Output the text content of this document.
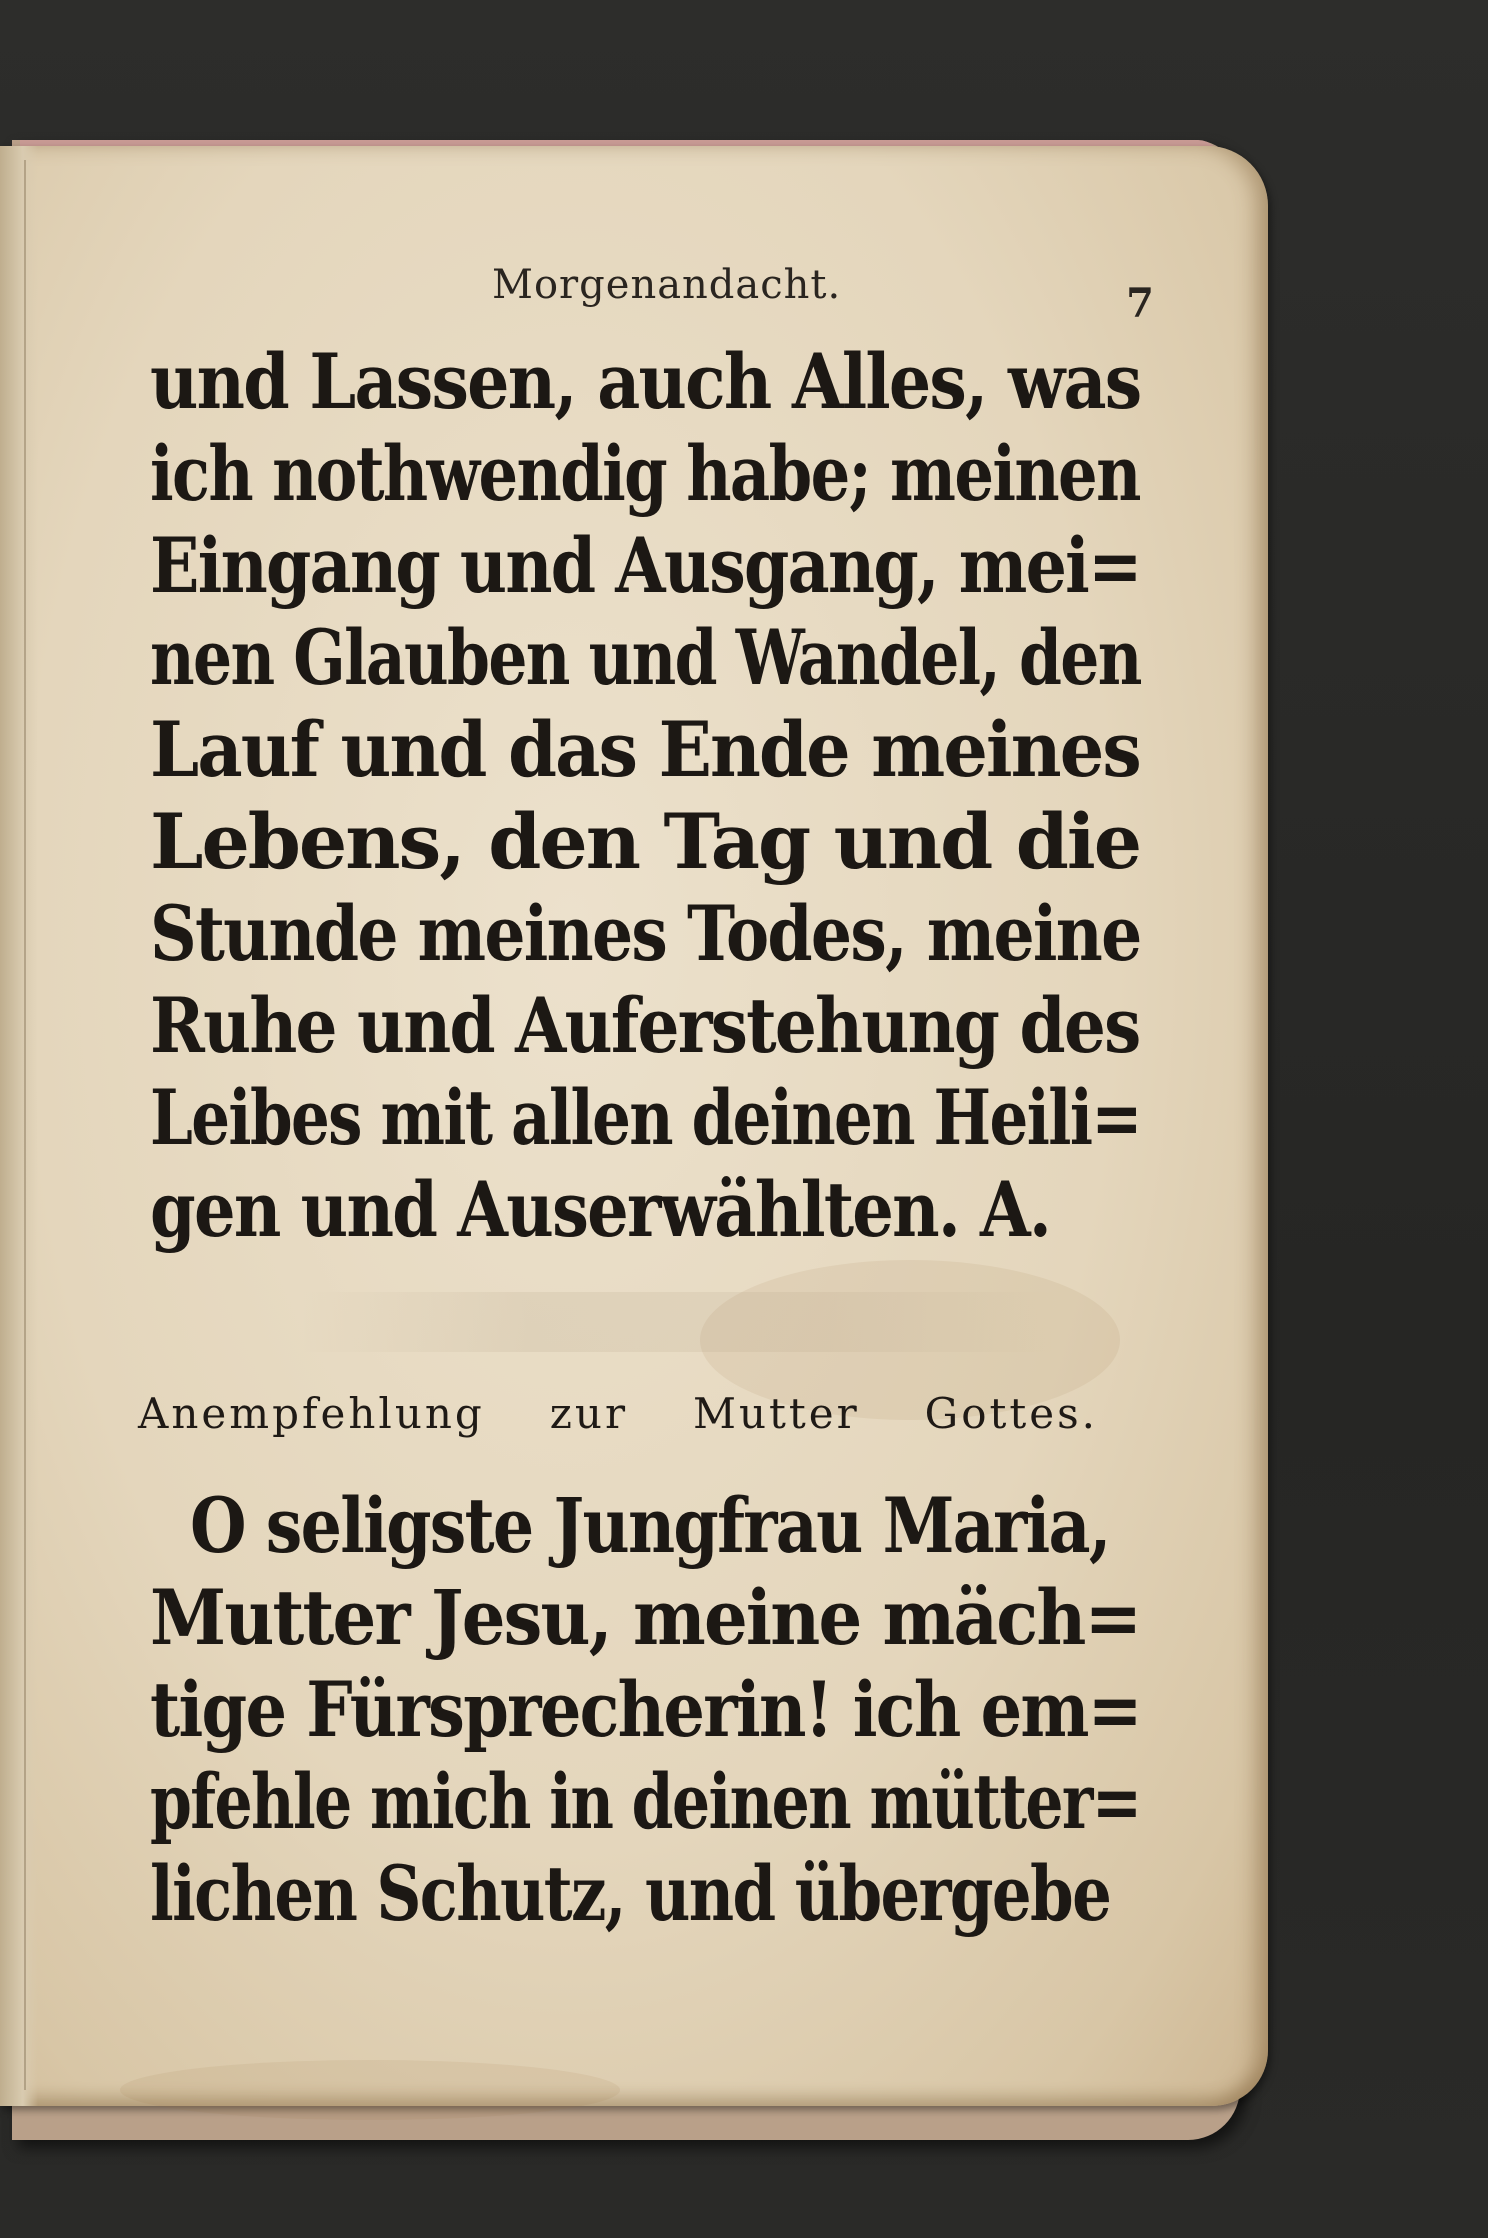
Morgenandacht.	7
und Lassen, auch Alles, was
ich nothwendig habe; meinen
Eingang und Ausgang, mei=
nen Glauben und Wandel, den
Lauf und das Ende meines
Lebens, den Tag und die
Stunde meines Todes, meine
Ruhe und Auferstehung des
Leibes mit allen deinen Heili=
gen und Auserwählten. A.
Anempfehlung zur Mutter Gottes.
O seligste Jungfrau Maria,
Mutter Jesu, meine mäch=
tige Fürsprecherin! ich em=
pfehle mich in deinen mütter=
lichen Schutz, und übergebe
